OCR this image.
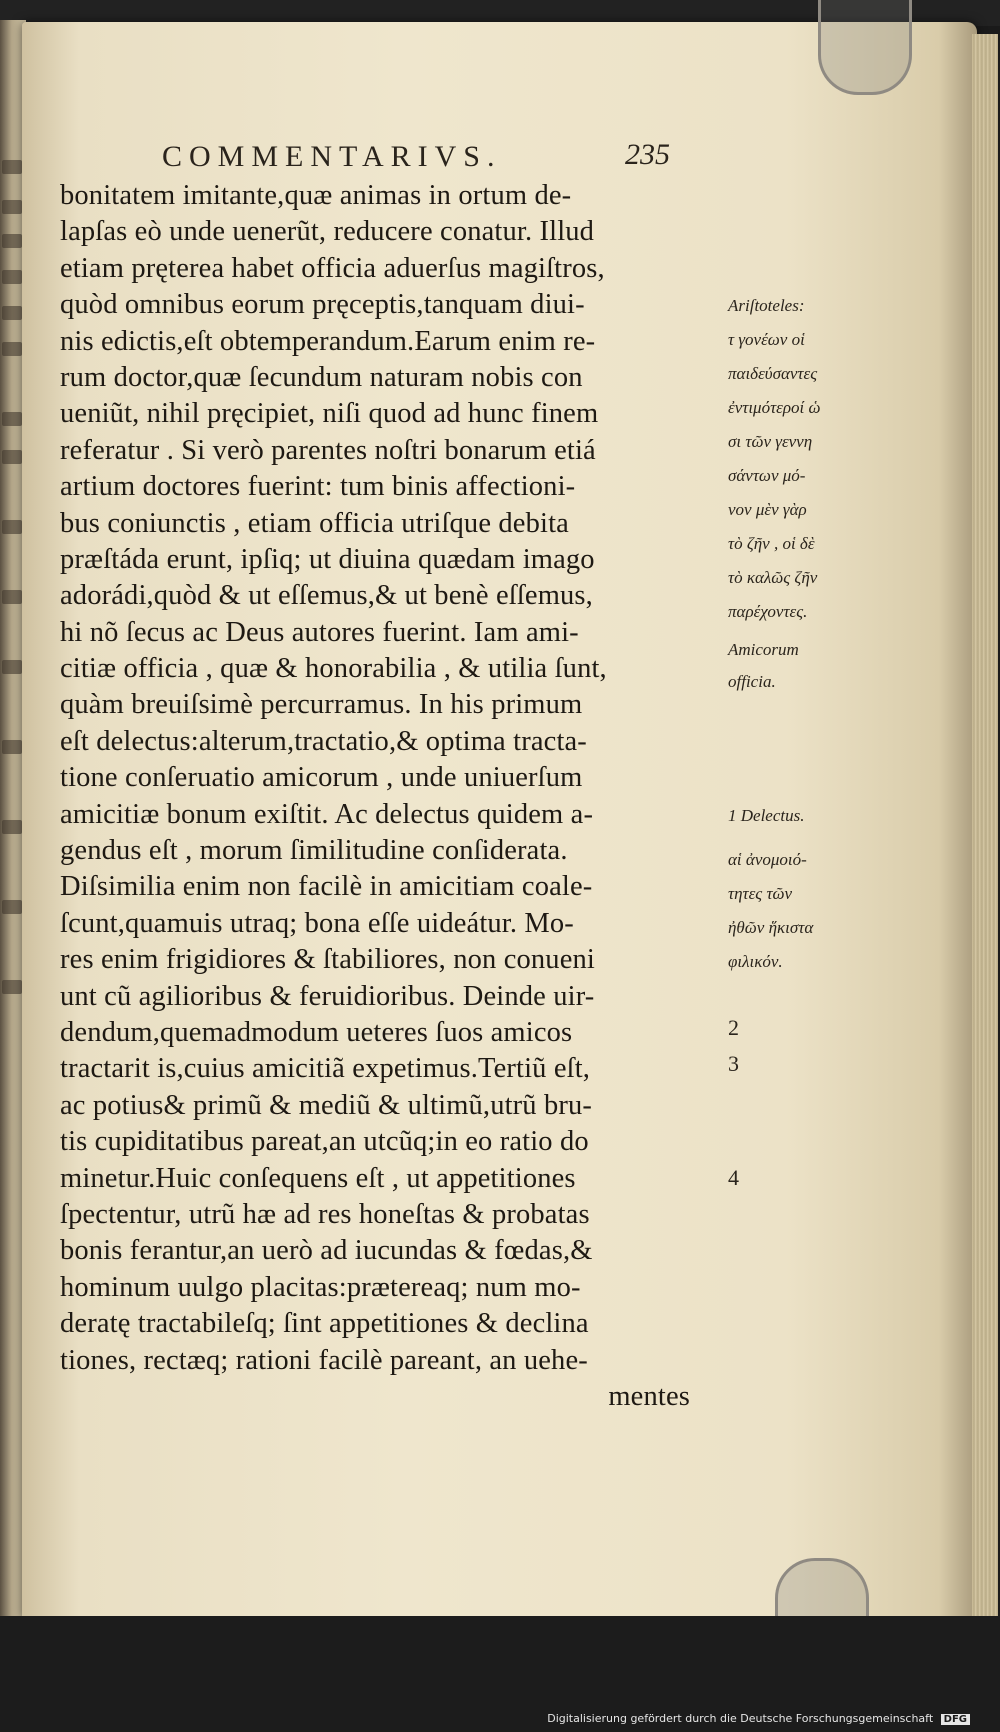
COMMENTARIVS.	235
bonitatem imitante,quæ animas in ortum de-
lapſas eò unde uenerũt, reducere conatur. Illud
etiam pręterea habet officia aduerſus magiſtros,
quòd omnibus eorum pręceptis,tanquam diui-
nis edictis,eſt obtemperandum.Earum enim re-
rum doctor,quæ ſecundum naturam nobis con
ueniũt, nihil pręcipiet, niſi quod ad hunc finem
referatur . Si verò parentes noſtri bonarum etiá
artium doctores fuerint: tum binis affectioni-
bus coniunctis , etiam officia utriſque debita
præſtáda erunt, ipſiq; ut diuina quædam imago
adorádi,quòd & ut eſſemus,& ut benè eſſemus,
hi nõ ſecus ac Deus autores fuerint. Iam ami-
citiæ officia , quæ & honorabilia , & utilia ſunt,
quàm breuiſsimè percurramus. In his primum
eſt delectus:alterum,tractatio,& optima tracta-
tione conſeruatio amicorum , unde uniuerſum
amicitiæ bonum exiſtit. Ac delectus quidem a-
gendus eſt , morum ſimilitudine conſiderata.
Diſsimilia enim non facilè in amicitiam coale-
ſcunt,quamuis utraq; bona eſſe uideátur. Mo-
res enim frigidiores & ſtabiliores, non conueni
unt cũ agilioribus & feruidioribus. Deinde uir-
dendum,quemadmodum ueteres ſuos amicos
tractarit is,cuius amicitiã expetimus.Tertiũ eſt,
ac potius& primũ & mediũ & ultimũ,utrũ bru-
tis cupiditatibus pareat,an utcũq;in eo ratio do
minetur.Huic conſequens eſt , ut appetitiones
ſpectentur, utrũ hæ ad res honeſtas & probatas
bonis ferantur,an uerò ad iucundas & fœdas,&
hominum uulgo placitas:prætereaq; num mo-
deratę tractabileſq; ſint appetitiones & declina
tiones, rectæq; rationi facilè pareant, an uehe-
mentes
Ariſtoteles:
τ γονέων οἱ
παιδεύσαντες
ἐντιμότεροί ὡ
σι τῶν γεννη
σάντων μό-
νον μὲν γὰρ
τὸ ζῆν , οἱ δὲ
τὸ καλῶς ζῆν
παρέχοντες.
Amicorum
officia.
1 Delectus.
αἱ ἀνομοιό-
τητες τῶν
ἠθῶν ἥκιστα
φιλικόν.
2
3
4
Digitalisierung gefördert durch die Deutsche Forschungsgemeinschaft DFG
